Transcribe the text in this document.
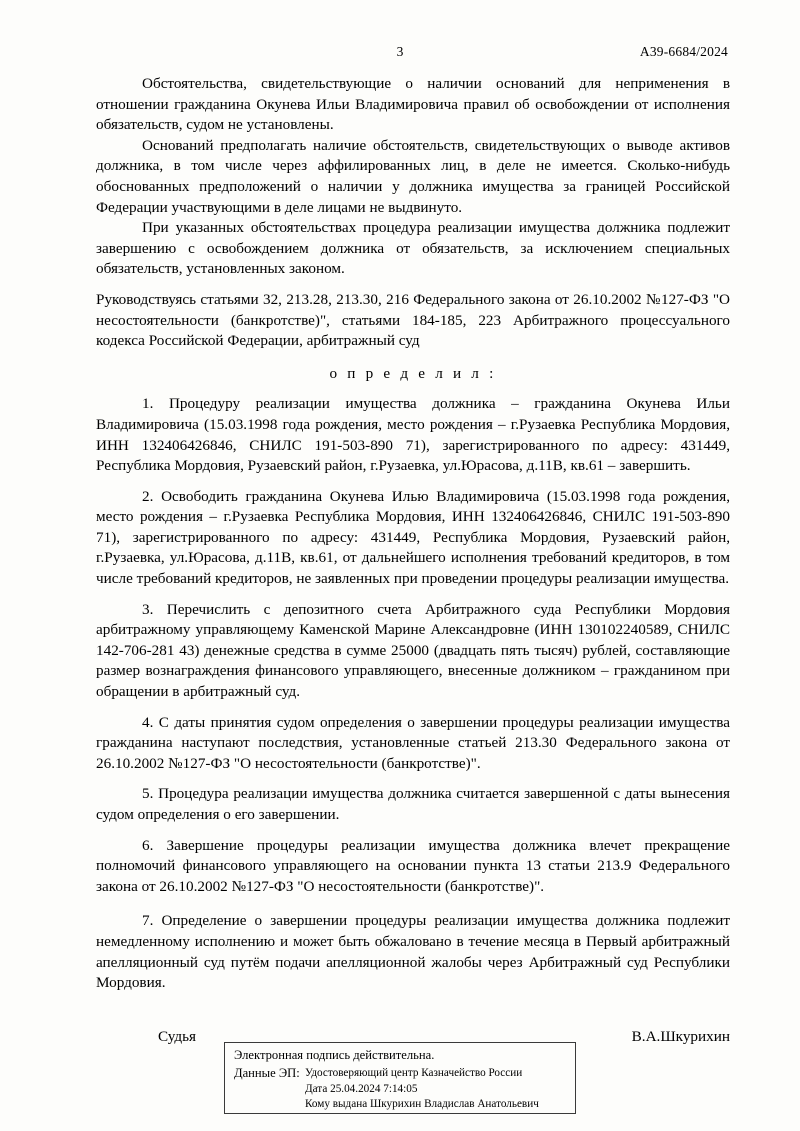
3	А39-6684/2024

Обстоятельства, свидетельствующие о наличии оснований для неприменения в отношении гражданина Окунева Ильи Владимировича правил об освобождении от исполнения обязательств, судом не установлены.

Оснований предполагать наличие обстоятельств, свидетельствующих о выводе активов должника, в том числе через аффилированных лиц, в деле не имеется. Сколько-нибудь обоснованных предположений о наличии у должника имущества за границей Российской Федерации участвующими в деле лицами не выдвинуто.

При указанных обстоятельствах процедура реализации имущества должника подлежит завершению с освобождением должника от обязательств, за исключением специальных обязательств, установленных законом.

Руководствуясь статьями 32, 213.28, 213.30, 216 Федерального закона от 26.10.2002 №127-ФЗ "О несостоятельности (банкротстве)", статьями 184-185, 223 Арбитражного процессуального кодекса Российской Федерации, арбитражный суд

о п р е д е л и л :

1. Процедуру реализации имущества должника – гражданина Окунева Ильи Владимировича (15.03.1998 года рождения, место рождения – г.Рузаевка Республика Мордовия, ИНН 132406426846, СНИЛС 191-503-890 71), зарегистрированного по адресу: 431449, Республика Мордовия, Рузаевский район, г.Рузаевка, ул.Юрасова, д.11В, кв.61 – завершить.

2. Освободить гражданина Окунева Илью Владимировича (15.03.1998 года рождения, место рождения – г.Рузаевка Республика Мордовия, ИНН 132406426846, СНИЛС 191-503-890 71), зарегистрированного по адресу: 431449, Республика Мордовия, Рузаевский район, г.Рузаевка, ул.Юрасова, д.11В, кв.61, от дальнейшего исполнения требований кредиторов, в том числе требований кредиторов, не заявленных при проведении процедуры реализации имущества.

3. Перечислить с депозитного счета Арбитражного суда Республики Мордовия арбитражному управляющему Каменской Марине Александровне (ИНН 130102240589, СНИЛС 142-706-281 43) денежные средства в сумме 25000 (двадцать пять тысяч) рублей, составляющие размер вознаграждения финансового управляющего, внесенные должником – гражданином при обращении в арбитражный суд.

4. С даты принятия судом определения о завершении процедуры реализации имущества гражданина наступают последствия, установленные статьей 213.30 Федерального закона от 26.10.2002 №127-ФЗ "О несостоятельности (банкротстве)".

5. Процедура реализации имущества должника считается завершенной с даты вынесения судом определения о его завершении.

6. Завершение процедуры реализации имущества должника влечет прекращение полномочий финансового управляющего на основании пункта 13 статьи 213.9 Федерального закона от 26.10.2002 №127-ФЗ "О несостоятельности (банкротстве)".

7. Определение о завершении процедуры реализации имущества должника подлежит немедленному исполнению и может быть обжаловано в течение месяца в Первый арбитражный апелляционный суд путём подачи апелляционной жалобы через Арбитражный суд Республики Мордовия.

Судья	В.А.Шкурихин
Электронная подпись действительна.
Данные ЭП: Удостоверяющий центр Казначейство России
Дата 25.04.2024 7:14:05
Кому выдана Шкурихин Владислав Анатольевич
